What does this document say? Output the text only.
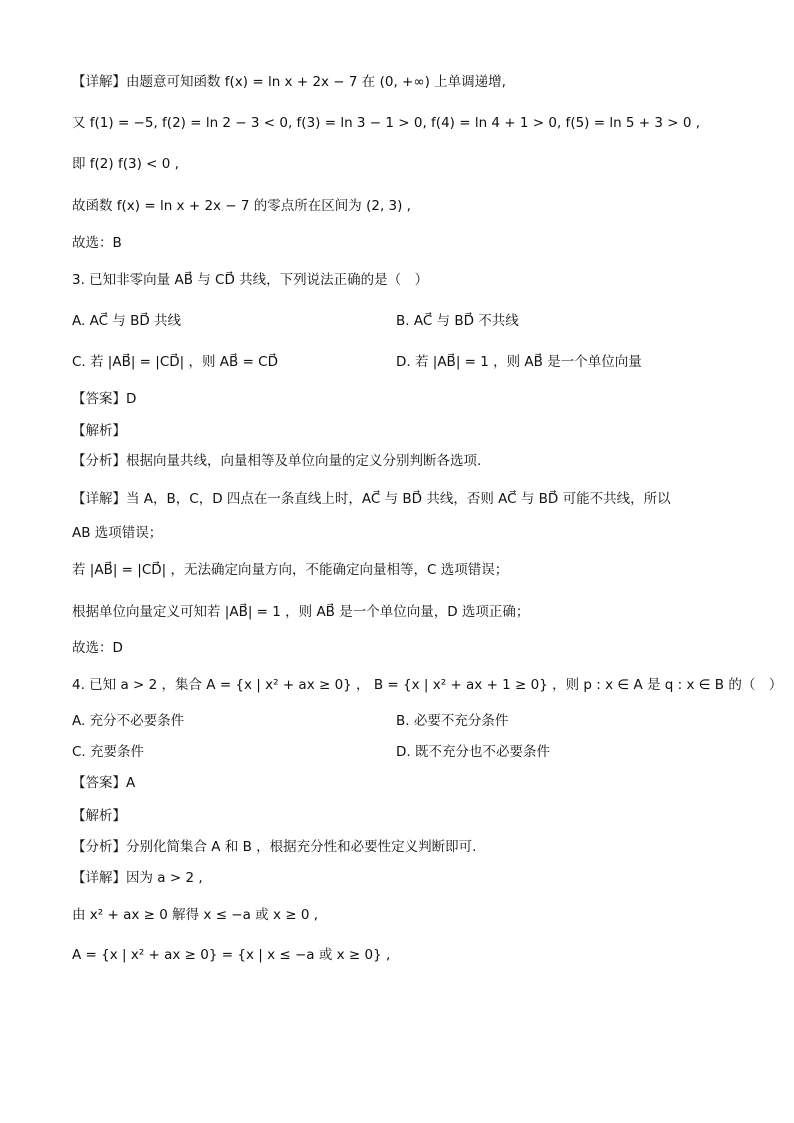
【详解】由题意可知函数 f(x) = ln x + 2x − 7 在 (0, +∞) 上单调递增,
又 f(1) = −5, f(2) = ln 2 − 3 < 0, f(3) = ln 3 − 1 > 0, f(4) = ln 4 + 1 > 0, f(5) = ln 5 + 3 > 0 ,
即 f(2) f(3) < 0 ,
故函数 f(x) = ln x + 2x − 7 的零点所在区间为 (2, 3) ,
故选：B
3. 已知非零向量 AB⃗ 与 CD⃗ 共线，下列说法正确的是（　）
A. AC⃗ 与 BD⃗ 共线	B. AC⃗ 与 BD⃗ 不共线
C. 若 |AB⃗| = |CD⃗| ，则 AB⃗ = CD⃗	D. 若 |AB⃗| = 1 ，则 AB⃗ 是一个单位向量
【答案】D
【解析】
【分析】根据向量共线，向量相等及单位向量的定义分别判断各选项.
【详解】当 A，B，C，D 四点在一条直线上时，AC⃗ 与 BD⃗ 共线，否则 AC⃗ 与 BD⃗ 可能不共线，所以
AB 选项错误；
若 |AB⃗| = |CD⃗| ，无法确定向量方向，不能确定向量相等，C 选项错误；
根据单位向量定义可知若 |AB⃗| = 1 ，则 AB⃗ 是一个单位向量，D 选项正确；
故选：D
4. 已知 a > 2 ，集合 A = {x | x² + ax ≥ 0} ， B = {x | x² + ax + 1 ≥ 0} ，则 p : x ∈ A 是 q : x ∈ B 的（　）
A. 充分不必要条件	B. 必要不充分条件
C. 充要条件	D. 既不充分也不必要条件
【答案】A
【解析】
【分析】分别化简集合 A 和 B ，根据充分性和必要性定义判断即可.
【详解】因为 a > 2 ,
由 x² + ax ≥ 0 解得 x ≤ −a 或 x ≥ 0 ,
A = {x | x² + ax ≥ 0} = {x | x ≤ −a 或 x ≥ 0} ,
